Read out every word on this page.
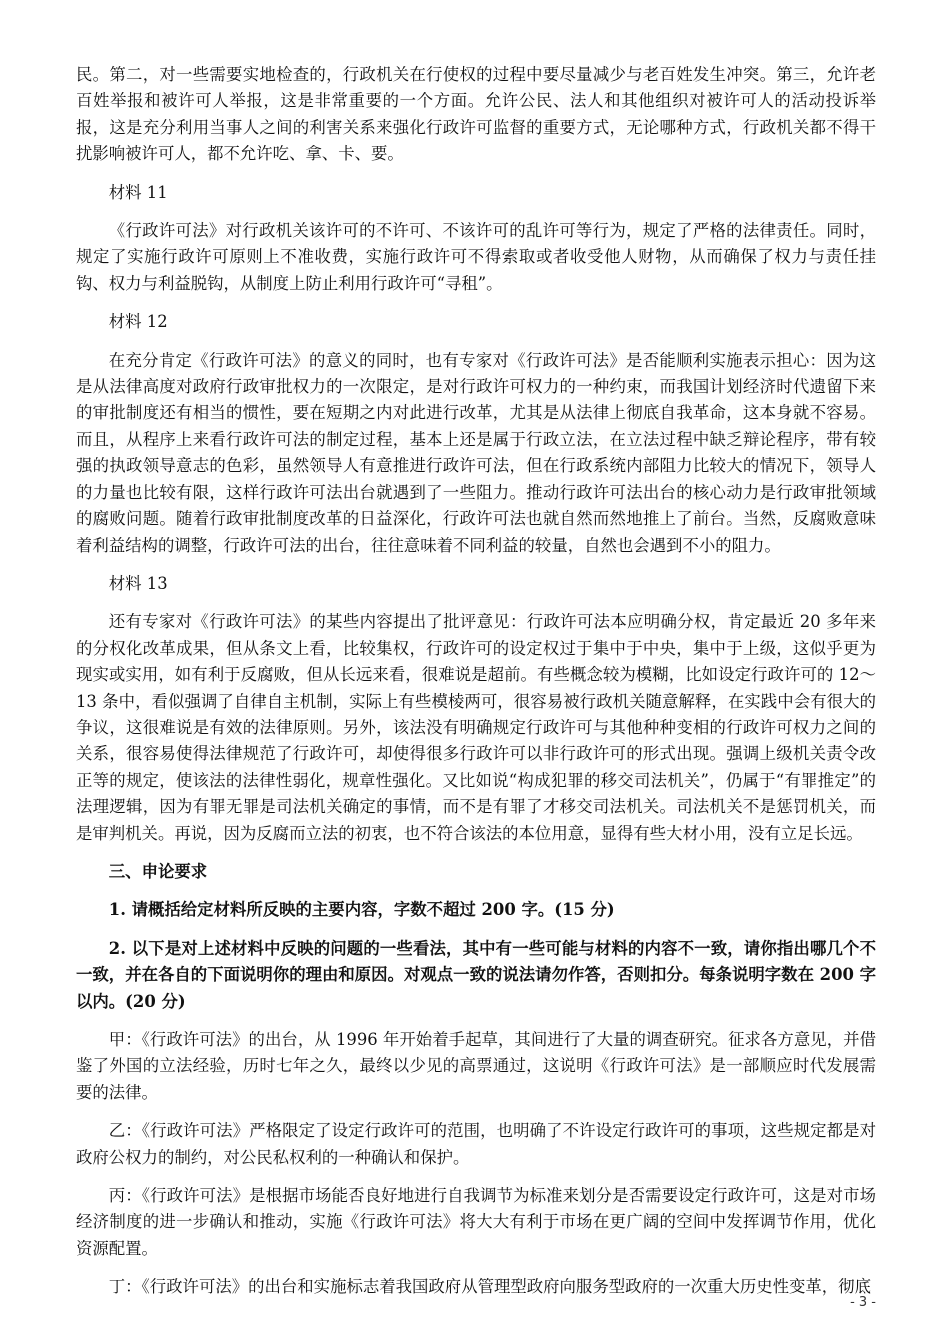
民。第二，对一些需要实地检查的，行政机关在行使权的过程中要尽量减少与老百姓发生冲突。第三，允许老百姓举报和被许可人举报，这是非常重要的一个方面。允许公民、法人和其他组织对被许可人的活动投诉举报，这是充分利用当事人之间的利害关系来强化行政许可监督的重要方式，无论哪种方式，行政机关都不得干扰影响被许可人，都不允许吃、拿、卡、要。

材料 11

《行政许可法》对行政机关该许可的不许可、不该许可的乱许可等行为，规定了严格的法律责任。同时，规定了实施行政许可原则上不准收费，实施行政许可不得索取或者收受他人财物，从而确保了权力与责任挂钩、权力与利益脱钩，从制度上防止利用行政许可“寻租”。

材料 12

在充分肯定《行政许可法》的意义的同时，也有专家对《行政许可法》是否能顺利实施表示担心：因为这是从法律高度对政府行政审批权力的一次限定，是对行政许可权力的一种约束，而我国计划经济时代遗留下来的审批制度还有相当的惯性，要在短期之内对此进行改革，尤其是从法律上彻底自我革命，这本身就不容易。而且，从程序上来看行政许可法的制定过程，基本上还是属于行政立法，在立法过程中缺乏辩论程序，带有较强的执政领导意志的色彩，虽然领导人有意推进行政许可法，但在行政系统内部阻力比较大的情况下，领导人的力量也比较有限，这样行政许可法出台就遇到了一些阻力。推动行政许可法出台的核心动力是行政审批领域的腐败问题。随着行政审批制度改革的日益深化，行政许可法也就自然而然地推上了前台。当然，反腐败意味着利益结构的调整，行政许可法的出台，往往意味着不同利益的较量，自然也会遇到不小的阻力。

材料 13

还有专家对《行政许可法》的某些内容提出了批评意见：行政许可法本应明确分权，肯定最近 20 多年来的分权化改革成果，但从条文上看，比较集权，行政许可的设定权过于集中于中央，集中于上级，这似乎更为现实或实用，如有利于反腐败，但从长远来看，很难说是超前。有些概念较为模糊，比如设定行政许可的 12～13 条中，看似强调了自律自主机制，实际上有些模棱两可，很容易被行政机关随意解释，在实践中会有很大的争议，这很难说是有效的法律原则。另外，该法没有明确规定行政许可与其他种种变相的行政许可权力之间的关系，很容易使得法律规范了行政许可，却使得很多行政许可以非行政许可的形式出现。强调上级机关责令改正等的规定，使该法的法律性弱化，规章性强化。又比如说“构成犯罪的移交司法机关”，仍属于“有罪推定”的法理逻辑，因为有罪无罪是司法机关确定的事情，而不是有罪了才移交司法机关。司法机关不是惩罚机关，而是审判机关。再说，因为反腐而立法的初衷，也不符合该法的本位用意，显得有些大材小用，没有立足长远。

三、申论要求

1. 请概括给定材料所反映的主要内容，字数不超过 200 字。(15 分)

2. 以下是对上述材料中反映的问题的一些看法，其中有一些可能与材料的内容不一致，请你指出哪几个不一致，并在各自的下面说明你的理由和原因。对观点一致的说法请勿作答，否则扣分。每条说明字数在 200 字以内。(20 分)

甲：《行政许可法》的出台，从 1996 年开始着手起草，其间进行了大量的调查研究。征求各方意见，并借鉴了外国的立法经验，历时七年之久，最终以少见的高票通过，这说明《行政许可法》是一部顺应时代发展需要的法律。

乙：《行政许可法》严格限定了设定行政许可的范围，也明确了不许设定行政许可的事项，这些规定都是对政府公权力的制约，对公民私权利的一种确认和保护。

丙：《行政许可法》是根据市场能否良好地进行自我调节为标准来划分是否需要设定行政许可，这是对市场经济制度的进一步确认和推动，实施《行政许可法》将大大有利于市场在更广阔的空间中发挥调节作用，优化资源配置。

丁：《行政许可法》的出台和实施标志着我国政府从管理型政府向服务型政府的一次重大历史性变革，彻底

- 3 -
